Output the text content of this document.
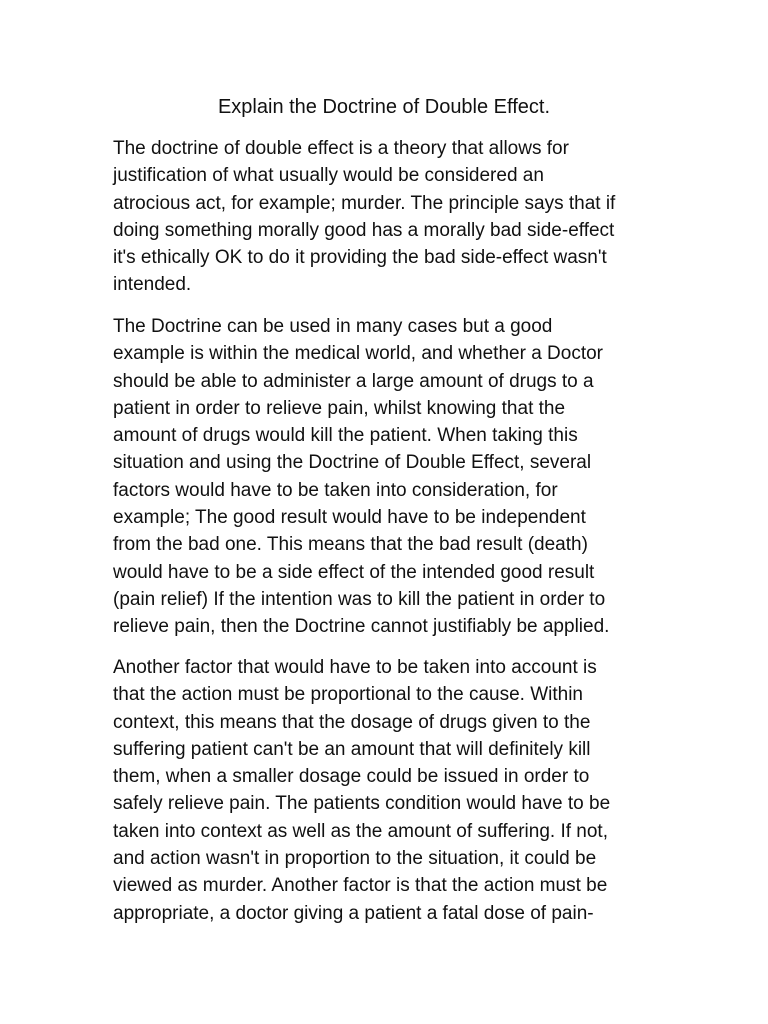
Explain the Doctrine of Double Effect.

The doctrine of double effect is a theory that allows for
justification of what usually would be considered an
atrocious act, for example; murder. The principle says that if
doing something morally good has a morally bad side-effect
it's ethically OK to do it providing the bad side-effect wasn't
intended.

The Doctrine can be used in many cases but a good
example is within the medical world, and whether a Doctor
should be able to administer a large amount of drugs to a
patient in order to relieve pain, whilst knowing that the
amount of drugs would kill the patient. When taking this
situation and using the Doctrine of Double Effect, several
factors would have to be taken into consideration, for
example; The good result would have to be independent
from the bad one. This means that the bad result (death)
would have to be a side effect of the intended good result
(pain relief) If the intention was to kill the patient in order to
relieve pain, then the Doctrine cannot justifiably be applied.

Another factor that would have to be taken into account is
that the action must be proportional to the cause. Within
context, this means that the dosage of drugs given to the
suffering patient can't be an amount that will definitely kill
them, when a smaller dosage could be issued in order to
safely relieve pain. The patients condition would have to be
taken into context as well as the amount of suffering. If not,
and action wasn't in proportion to the situation, it could be
viewed as murder. Another factor is that the action must be
appropriate, a doctor giving a patient a fatal dose of pain-
